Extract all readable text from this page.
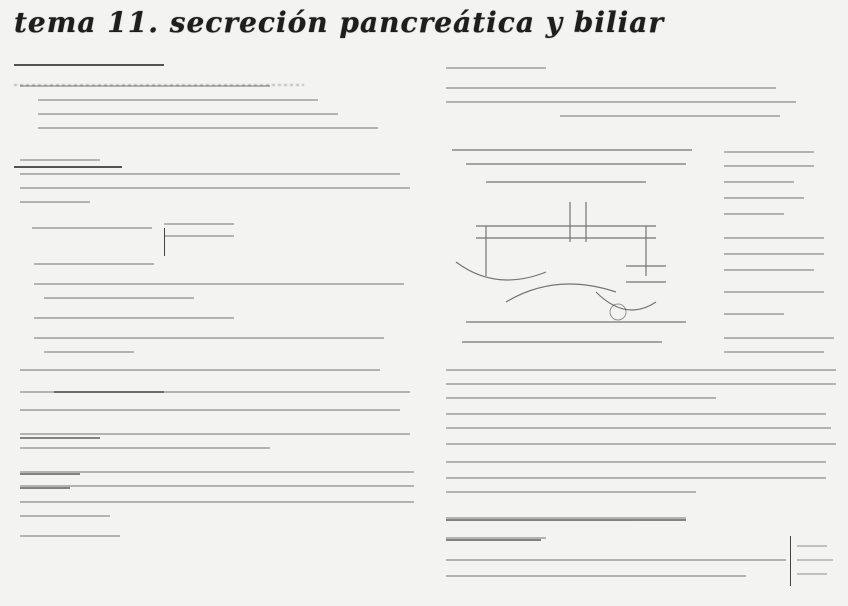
tema 11. secreción pancreática y biliar
